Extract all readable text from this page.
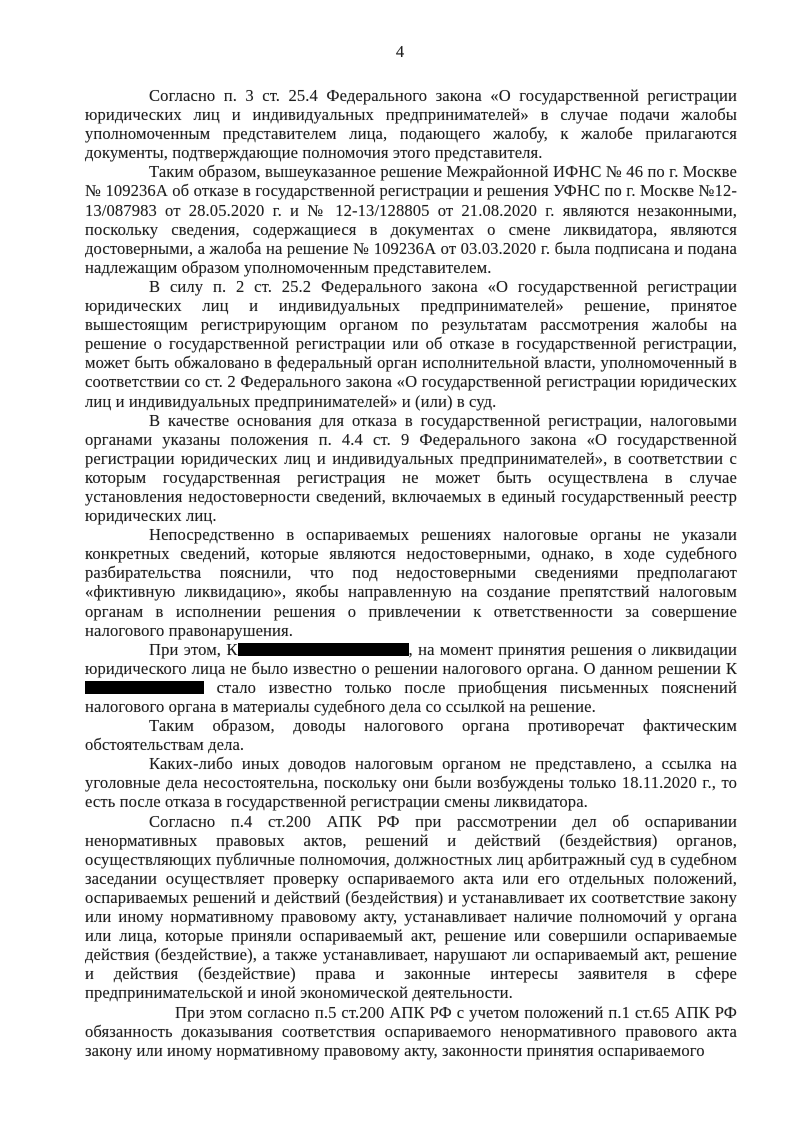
4

Согласно п. 3 ст. 25.4 Федерального закона «О государственной регистрации юридических лиц и индивидуальных предпринимателей» в случае подачи жалобы уполномоченным представителем лица, подающего жалобу, к жалобе прилагаются документы, подтверждающие полномочия этого представителя.

Таким образом, вышеуказанное решение Межрайонной ИФНС № 46 по г. Москве № 109236А об отказе в государственной регистрации и решения УФНС по г. Москве №12-13/087983 от 28.05.2020 г. и № 12-13/128805 от 21.08.2020 г. являются незаконными, поскольку сведения, содержащиеся в документах о смене ликвидатора, являются достоверными, а жалоба на решение № 109236А от 03.03.2020 г. была подписана и подана надлежащим образом уполномоченным представителем.

В силу п. 2 ст. 25.2 Федерального закона «О государственной регистрации юридических лиц и индивидуальных предпринимателей» решение, принятое вышестоящим регистрирующим органом по результатам рассмотрения жалобы на решение о государственной регистрации или об отказе в государственной регистрации, может быть обжаловано в федеральный орган исполнительной власти, уполномоченный в соответствии со ст. 2 Федерального закона «О государственной регистрации юридических лиц и индивидуальных предпринимателей» и (или) в суд.

В качестве основания для отказа в государственной регистрации, налоговыми органами указаны положения п. 4.4 ст. 9 Федерального закона «О государственной регистрации юридических лиц и индивидуальных предпринимателей», в соответствии с которым государственная регистрация не может быть осуществлена в случае установления недостоверности сведений, включаемых в единый государственный реестр юридических лиц.

Непосредственно в оспариваемых решениях налоговые органы не указали конкретных сведений, которые являются недостоверными, однако, в ходе судебного разбирательства пояснили, что под недостоверными сведениями предполагают «фиктивную ликвидацию», якобы направленную на создание препятствий налоговым органам в исполнении решения о привлечении к ответственности за совершение налогового правонарушения.

При этом, К	, на момент принятия решения о ликвидации юридического лица не было известно о решении налогового органа. О данном решении К стало известно только после приобщения письменных пояснений налогового органа в материалы судебного дела со ссылкой на решение.

Таким образом, доводы налогового органа противоречат фактическим обстоятельствам дела.

Каких-либо иных доводов налоговым органом не представлено, а ссылка на уголовные дела несостоятельна, поскольку они были возбуждены только 18.11.2020 г., то есть после отказа в государственной регистрации смены ликвидатора.

Согласно п.4 ст.200 АПК РФ при рассмотрении дел об оспаривании ненормативных правовых актов, решений и действий (бездействия) органов, осуществляющих публичные полномочия, должностных лиц арбитражный суд в судебном заседании осуществляет проверку оспариваемого акта или его отдельных положений, оспариваемых решений и действий (бездействия) и устанавливает их соответствие закону или иному нормативному правовому акту, устанавливает наличие полномочий у органа или лица, которые приняли оспариваемый акт, решение или совершили оспариваемые действия (бездействие), а также устанавливает, нарушают ли оспариваемый акт, решение и действия (бездействие) права и законные интересы заявителя в сфере предпринимательской и иной экономической деятельности.

При этом согласно п.5 ст.200 АПК РФ с учетом положений п.1 ст.65 АПК РФ обязанность доказывания соответствия оспариваемого ненормативного правового акта закону или иному нормативному правовому акту, законности принятия оспариваемого
